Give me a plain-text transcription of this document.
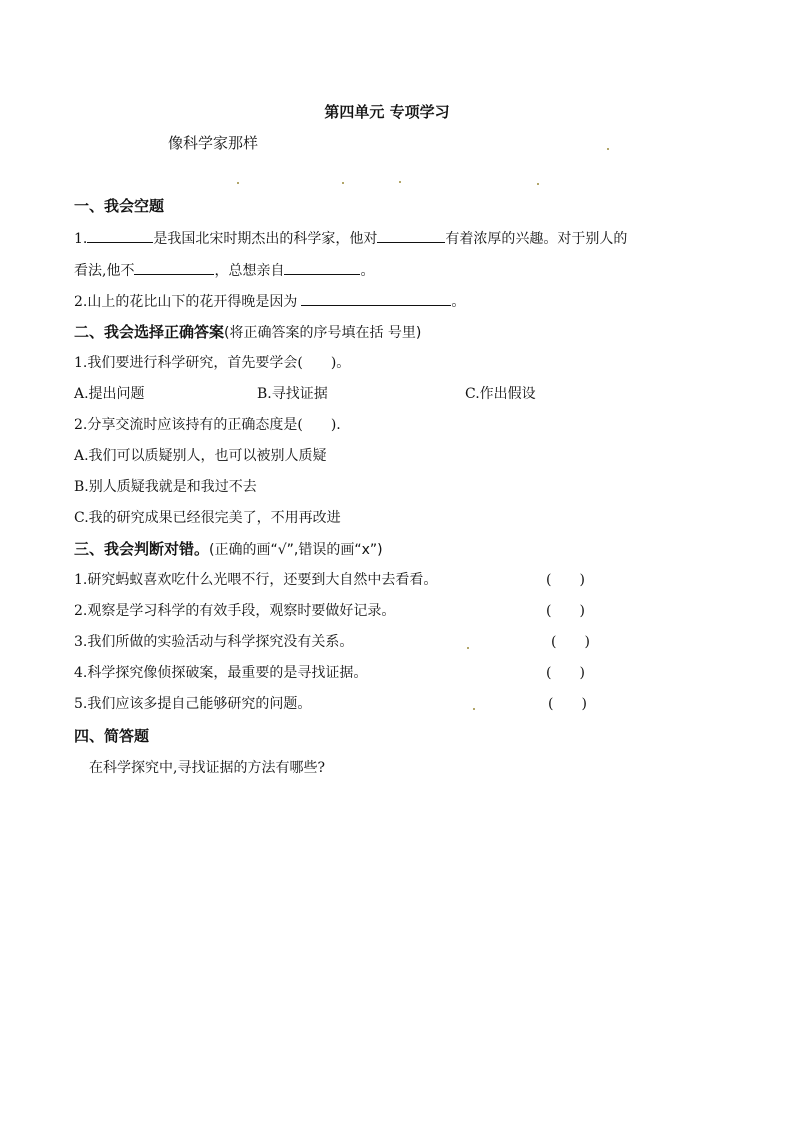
第四单元 专项学习
像科学家那样
一、我会空题
1.	是我国北宋时期杰出的科学家，他对	有着浓厚的兴趣。对于别人的
看法,他不	，总想亲自	。
2.山上的花比山下的花开得晚是因为	。
二、我会选择正确答案(将正确答案的序号填在括 号里)
1.我们要进行科学研究，首先要学会(　　)。
A.提出问题	B.寻找证据	C.作出假设
2.分享交流时应该持有的正确态度是(　　).
A.我们可以质疑别人，也可以被别人质疑
B.别人质疑我就是和我过不去
C.我的研究成果已经很完美了，不用再改进
三、我会判断对错。(正确的画“√”,错误的画“x”)
1.研究蚂蚁喜欢吃什么光喂不行，还要到大自然中去看看。	(　　)
2.观察是学习科学的有效手段，观察时要做好记录。	(　　)
3.我们所做的实验活动与科学探究没有关系。	(　　)
4.科学探究像侦探破案，最重要的是寻找证据。	(　　)
5.我们应该多提自己能够研究的问题。	(　　)
四、简答题
在科学探究中,寻找证据的方法有哪些?
